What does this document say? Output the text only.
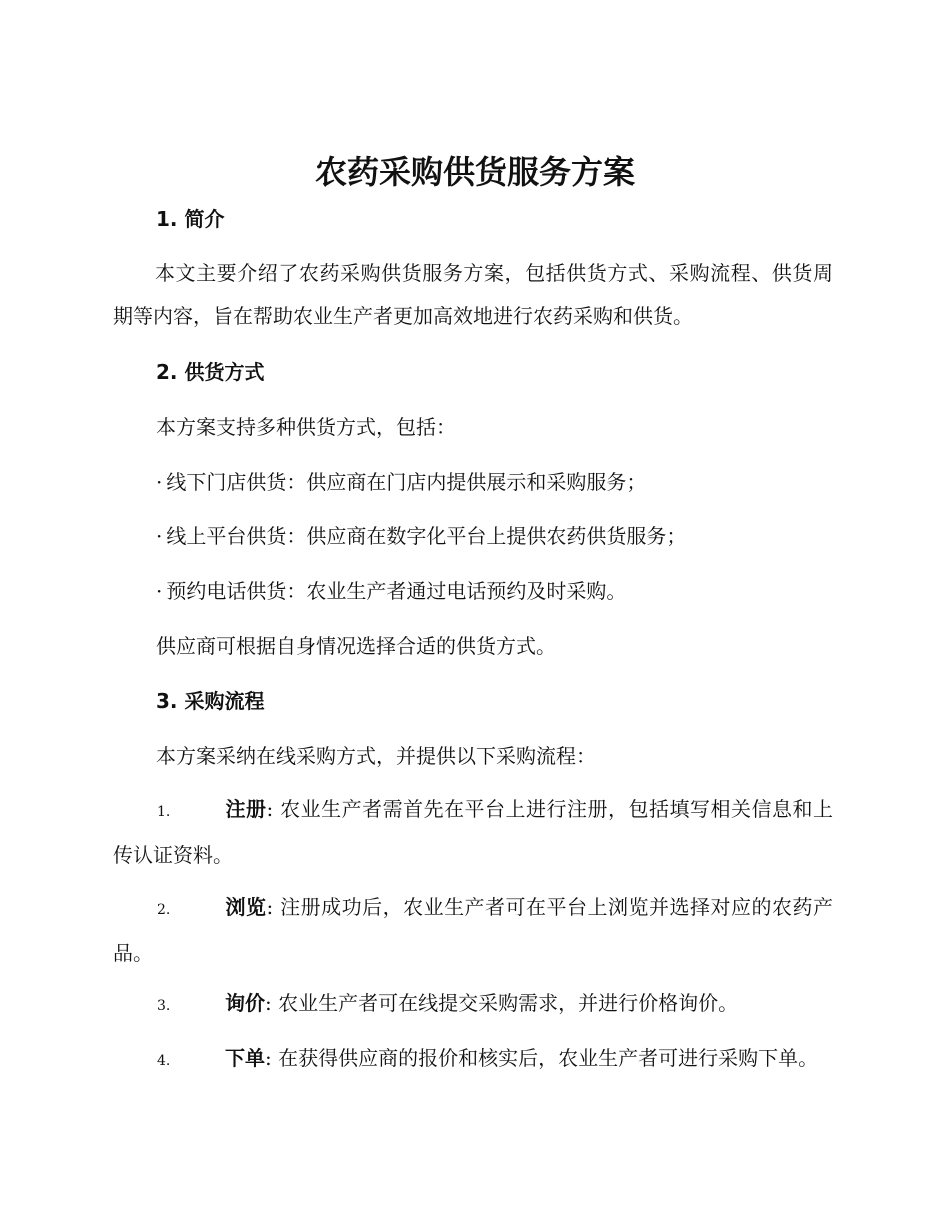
农药采购供货服务方案
1. 简介
本文主要介绍了农药采购供货服务方案，包括供货方式、采购流程、供货周期等内容，旨在帮助农业生产者更加高效地进行农药采购和供货。
2. 供货方式
本方案支持多种供货方式，包括：
· 线下门店供货：供应商在门店内提供展示和采购服务；
· 线上平台供货：供应商在数字化平台上提供农药供货服务；
· 预约电话供货：农业生产者通过电话预约及时采购。
供应商可根据自身情况选择合适的供货方式。
3. 采购流程
本方案采纳在线采购方式，并提供以下采购流程：
1.	注册: 农业生产者需首先在平台上进行注册，包括填写相关信息和上传认证资料。
2.	浏览: 注册成功后，农业生产者可在平台上浏览并选择对应的农药产品。
3.	询价: 农业生产者可在线提交采购需求，并进行价格询价。
4.	下单: 在获得供应商的报价和核实后，农业生产者可进行采购下单。
